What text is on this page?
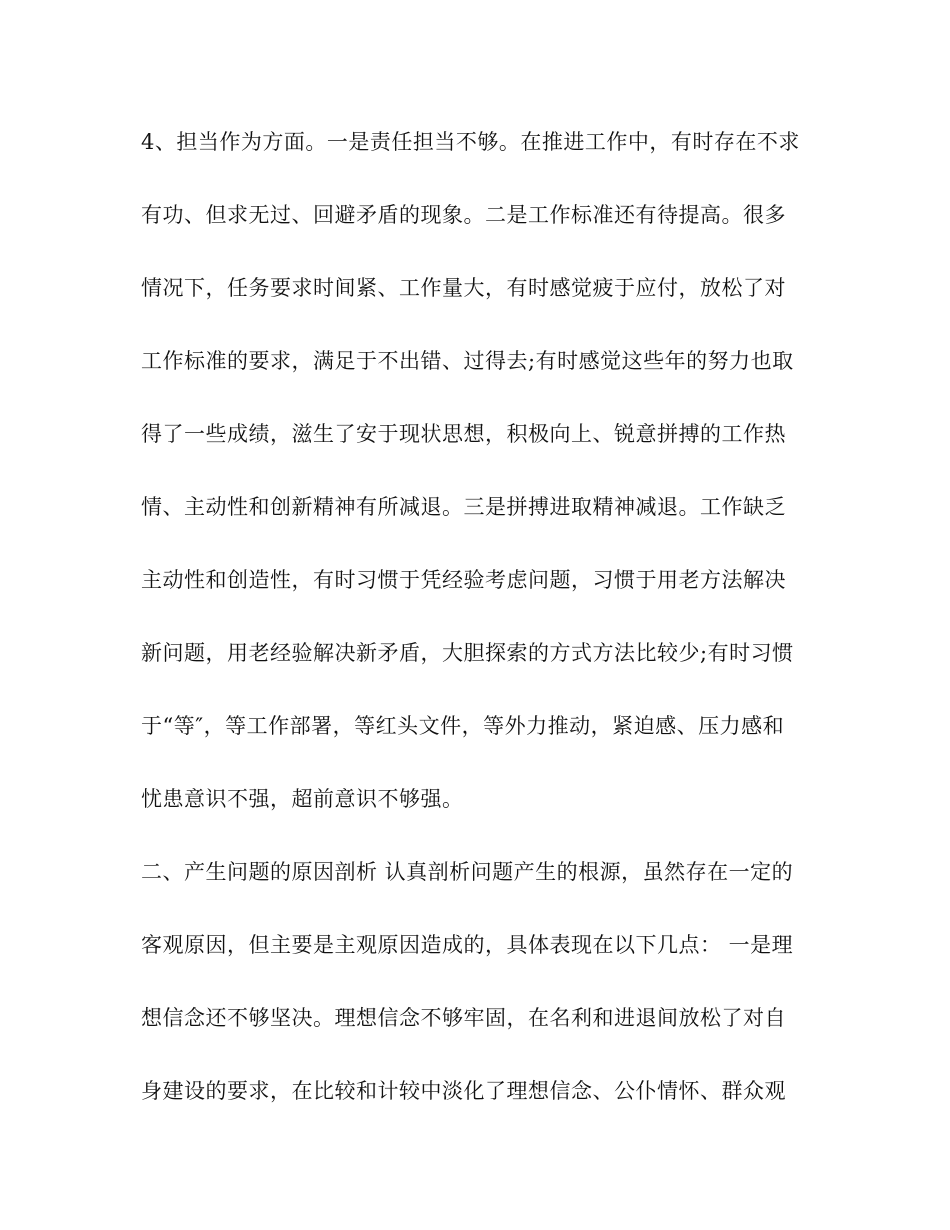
4、担当作为方面。一是责任担当不够。在推进工作中，有时存在不求
有功、但求无过、回避矛盾的现象。二是工作标准还有待提高。很多
情况下，任务要求时间紧、工作量大，有时感觉疲于应付，放松了对
工作标准的要求，满足于不出错、过得去;有时感觉这些年的努力也取
得了一些成绩，滋生了安于现状思想，积极向上、锐意拼搏的工作热
情、主动性和创新精神有所减退。三是拼搏进取精神减退。工作缺乏
主动性和创造性，有时习惯于凭经验考虑问题，习惯于用老方法解决
新问题，用老经验解决新矛盾，大胆探索的方式方法比较少;有时习惯
于“等″，等工作部署，等红头文件，等外力推动，紧迫感、压力感和
忧患意识不强，超前意识不够强。
二、产生问题的原因剖析 认真剖析问题产生的根源，虽然存在一定的
客观原因，但主要是主观原因造成的，具体表现在以下几点： 一是理
想信念还不够坚决。理想信念不够牢固，在名利和进退间放松了对自
身建设的要求，在比较和计较中淡化了理想信念、公仆情怀、群众观
